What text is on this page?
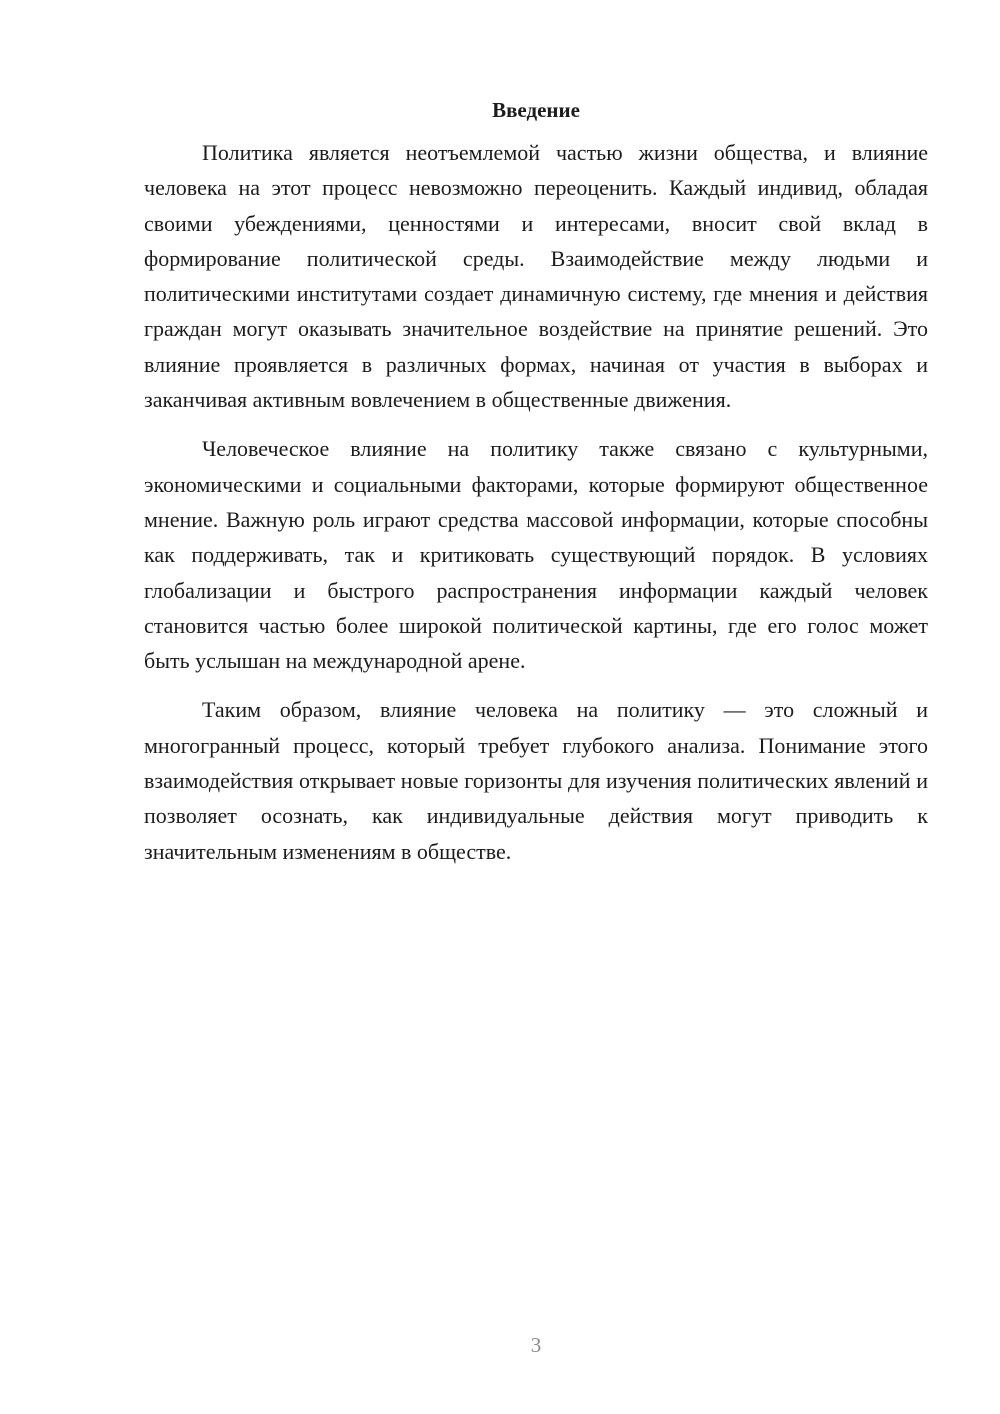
Введение

Политика является неотъемлемой частью жизни общества, и влияние человека на этот процесс невозможно переоценить. Каждый индивид, обладая своими убеждениями, ценностями и интересами, вносит свой вклад в формирование политической среды. Взаимодействие между людьми и политическими институтами создает динамичную систему, где мнения и действия граждан могут оказывать значительное воздействие на принятие решений. Это влияние проявляется в различных формах, начиная от участия в выборах и заканчивая активным вовлечением в общественные движения.

Человеческое влияние на политику также связано с культурными, экономическими и социальными факторами, которые формируют общественное мнение. Важную роль играют средства массовой информации, которые способны как поддерживать, так и критиковать существующий порядок. В условиях глобализации и быстрого распространения информации каждый человек становится частью более широкой политической картины, где его голос может быть услышан на международной арене.

Таким образом, влияние человека на политику — это сложный и многогранный процесс, который требует глубокого анализа. Понимание этого взаимодействия открывает новые горизонты для изучения политических явлений и позволяет осознать, как индивидуальные действия могут приводить к значительным изменениям в обществе.

3
